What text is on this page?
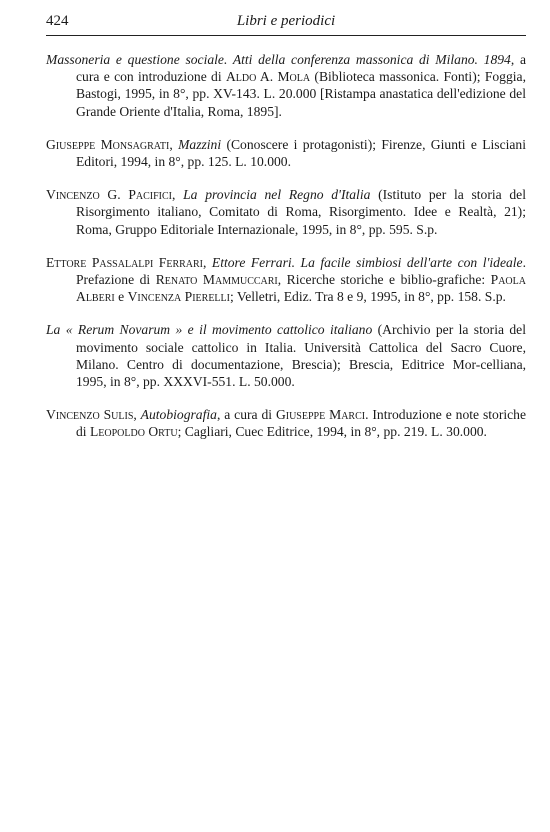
424	Libri e periodici

Massoneria e questione sociale. Atti della conferenza massonica di Milano. 1894, a cura e con introduzione di Aldo A. Mola (Biblioteca massonica. Fonti); Foggia, Bastogi, 1995, in 8°, pp. XV-143. L. 20.000 [Ristampa anastatica dell'edizione del Grande Oriente d'Italia, Roma, 1895].

Giuseppe Monsagrati, Mazzini (Conoscere i protagonisti); Firenze, Giunti e Lisciani Editori, 1994, in 8°, pp. 125. L. 10.000.

Vincenzo G. Pacifici, La provincia nel Regno d'Italia (Istituto per la storia del Risorgimento italiano, Comitato di Roma, Risorgimento. Idee e Realtà, 21); Roma, Gruppo Editoriale Internazionale, 1995, in 8°, pp. 595. S.p.

Ettore Passalalpi Ferrari, Ettore Ferrari. La facile simbiosi dell'arte con l'ideale. Prefazione di Renato Mammuccari, Ricerche storiche e biblio-grafiche: Paola Alberi e Vincenza Pierelli; Velletri, Ediz. Tra 8 e 9, 1995, in 8°, pp. 158. S.p.

La « Rerum Novarum » e il movimento cattolico italiano (Archivio per la storia del movimento sociale cattolico in Italia. Università Cattolica del Sacro Cuore, Milano. Centro di documentazione, Brescia); Brescia, Editrice Mor-celliana, 1995, in 8°, pp. XXXVI-551. L. 50.000.

Vincenzo Sulis, Autobiografia, a cura di Giuseppe Marci. Introduzione e note storiche di Leopoldo Ortu; Cagliari, Cuec Editrice, 1994, in 8°, pp. 219. L. 30.000.
